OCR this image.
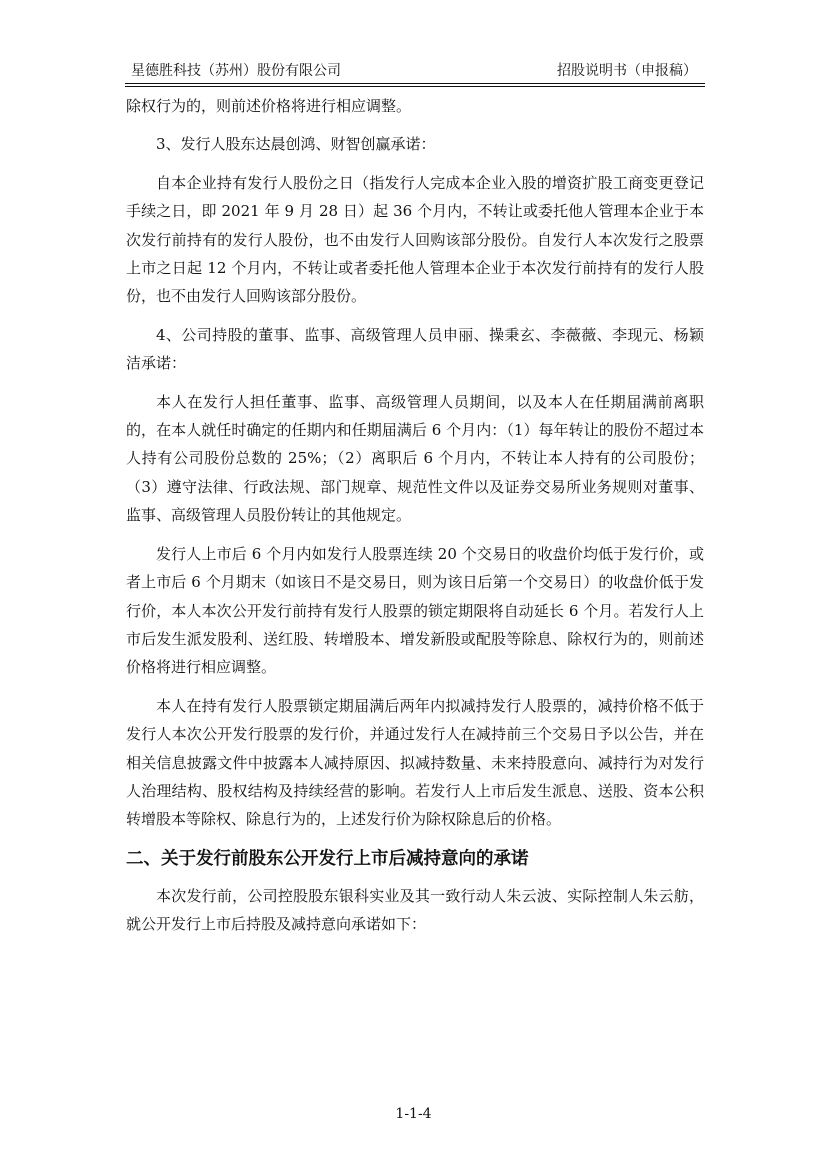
星德胜科技（苏州）股份有限公司	招股说明书（申报稿）

除权行为的，则前述价格将进行相应调整。

3、发行人股东达晨创鸿、财智创赢承诺：

自本企业持有发行人股份之日（指发行人完成本企业入股的增资扩股工商变更登记手续之日，即 2021 年 9 月 28 日）起 36 个月内，不转让或委托他人管理本企业于本次发行前持有的发行人股份，也不由发行人回购该部分股份。自发行人本次发行之股票上市之日起 12 个月内，不转让或者委托他人管理本企业于本次发行前持有的发行人股份，也不由发行人回购该部分股份。

4、公司持股的董事、监事、高级管理人员申丽、操秉玄、李薇薇、李现元、杨颖洁承诺：

本人在发行人担任董事、监事、高级管理人员期间，以及本人在任期届满前离职的，在本人就任时确定的任期内和任期届满后 6 个月内：（1）每年转让的股份不超过本人持有公司股份总数的 25%；（2）离职后 6 个月内，不转让本人持有的公司股份；（3）遵守法律、行政法规、部门规章、规范性文件以及证券交易所业务规则对董事、监事、高级管理人员股份转让的其他规定。

发行人上市后 6 个月内如发行人股票连续 20 个交易日的收盘价均低于发行价，或者上市后 6 个月期末（如该日不是交易日，则为该日后第一个交易日）的收盘价低于发行价，本人本次公开发行前持有发行人股票的锁定期限将自动延长 6 个月。若发行人上市后发生派发股利、送红股、转增股本、增发新股或配股等除息、除权行为的，则前述价格将进行相应调整。

本人在持有发行人股票锁定期届满后两年内拟减持发行人股票的，减持价格不低于发行人本次公开发行股票的发行价，并通过发行人在减持前三个交易日予以公告，并在相关信息披露文件中披露本人减持原因、拟减持数量、未来持股意向、减持行为对发行人治理结构、股权结构及持续经营的影响。若发行人上市后发生派息、送股、资本公积转增股本等除权、除息行为的，上述发行价为除权除息后的价格。

二、关于发行前股东公开发行上市后减持意向的承诺

本次发行前，公司控股股东银科实业及其一致行动人朱云波、实际控制人朱云舫，就公开发行上市后持股及减持意向承诺如下：

1-1-4
